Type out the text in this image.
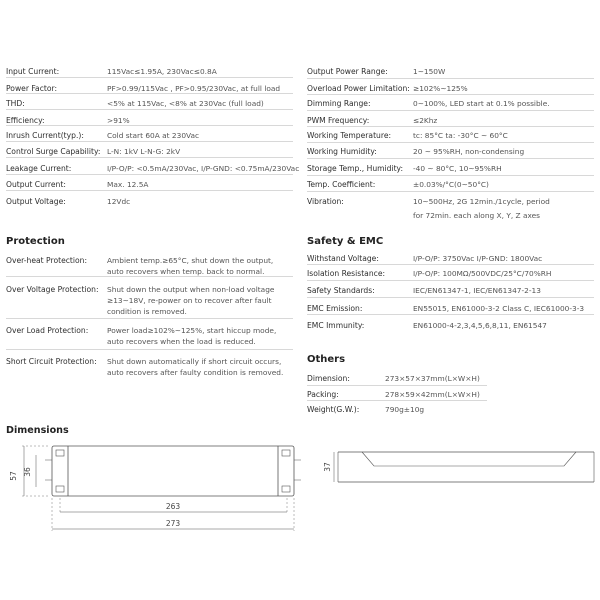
Input Current:	115Vac≤1.95A, 230Vac≤0.8A
Power Factor:	PF>0.99/115Vac , PF>0.95/230Vac, at full load
THD:	<5% at 115Vac, <8% at 230Vac (full load)
Efficiency:	>91%
Inrush Current(typ.):	Cold start 60A at 230Vac
Control Surge Capability: L-N: 1kV L-N-G: 2kV
Leakage Current:	I/P-O/P: <0.5mA/230Vac, I/P-GND: <0.75mA/230Vac
Output Current:	Max. 12.5A
Output Voltage:	12Vdc
Output Power Range:	1~150W
Overload Power Limitation: ≥102%~125%
Dimming Range:	0~100%, LED start at 0.1% possible.
PWM Frequency:	≤2Khz
Working Temperature:	tc: 85°C ta: -30°C ~ 60°C
Working Humidity:	20 ~ 95%RH, non-condensing
Storage Temp., Humidity: -40 ~ 80°C, 10~95%RH
Temp. Coefficient:	±0.03%/°C(0~50°C)
Vibration:	10~500Hz, 2G 12min./1cycle, period
for 72min. each along X, Y, Z axes
Protection
Over-heat Protection:	Ambient temp.≥65°C, shut down the output,
auto recovers when temp. back to normal.
Over Voltage Protection: Shut down the output when non-load voltage
≥13~18V, re-power on to recover after fault
condition is removed.
Over Load Protection:	Power load≥102%~125%, start hiccup mode,
auto recovers when the load is reduced.
Short Circuit Protection: Shut down automatically if short circuit occurs,
auto recovers after faulty condition is removed.
Safety & EMC
Withstand Voltage:	I/P-O/P: 3750Vac I/P-GND: 1800Vac
Isolation Resistance:	I/P-O/P: 100MΩ/500VDC/25°C/70%RH
Safety Standards:	IEC/EN61347-1, IEC/EN61347-2-13
EMC Emission:	EN55015, EN61000-3-2 Class C, IEC61000-3-3
EMC Immunity:	EN61000-4-2,3,4,5,6,8,11, EN61547
Others
Dimension:	273×57×37mm(L×W×H)
Packing:	278×59×42mm(L×W×H)
Weight(G.W.):	790g±10g
Dimensions
57 36
263
273
37
